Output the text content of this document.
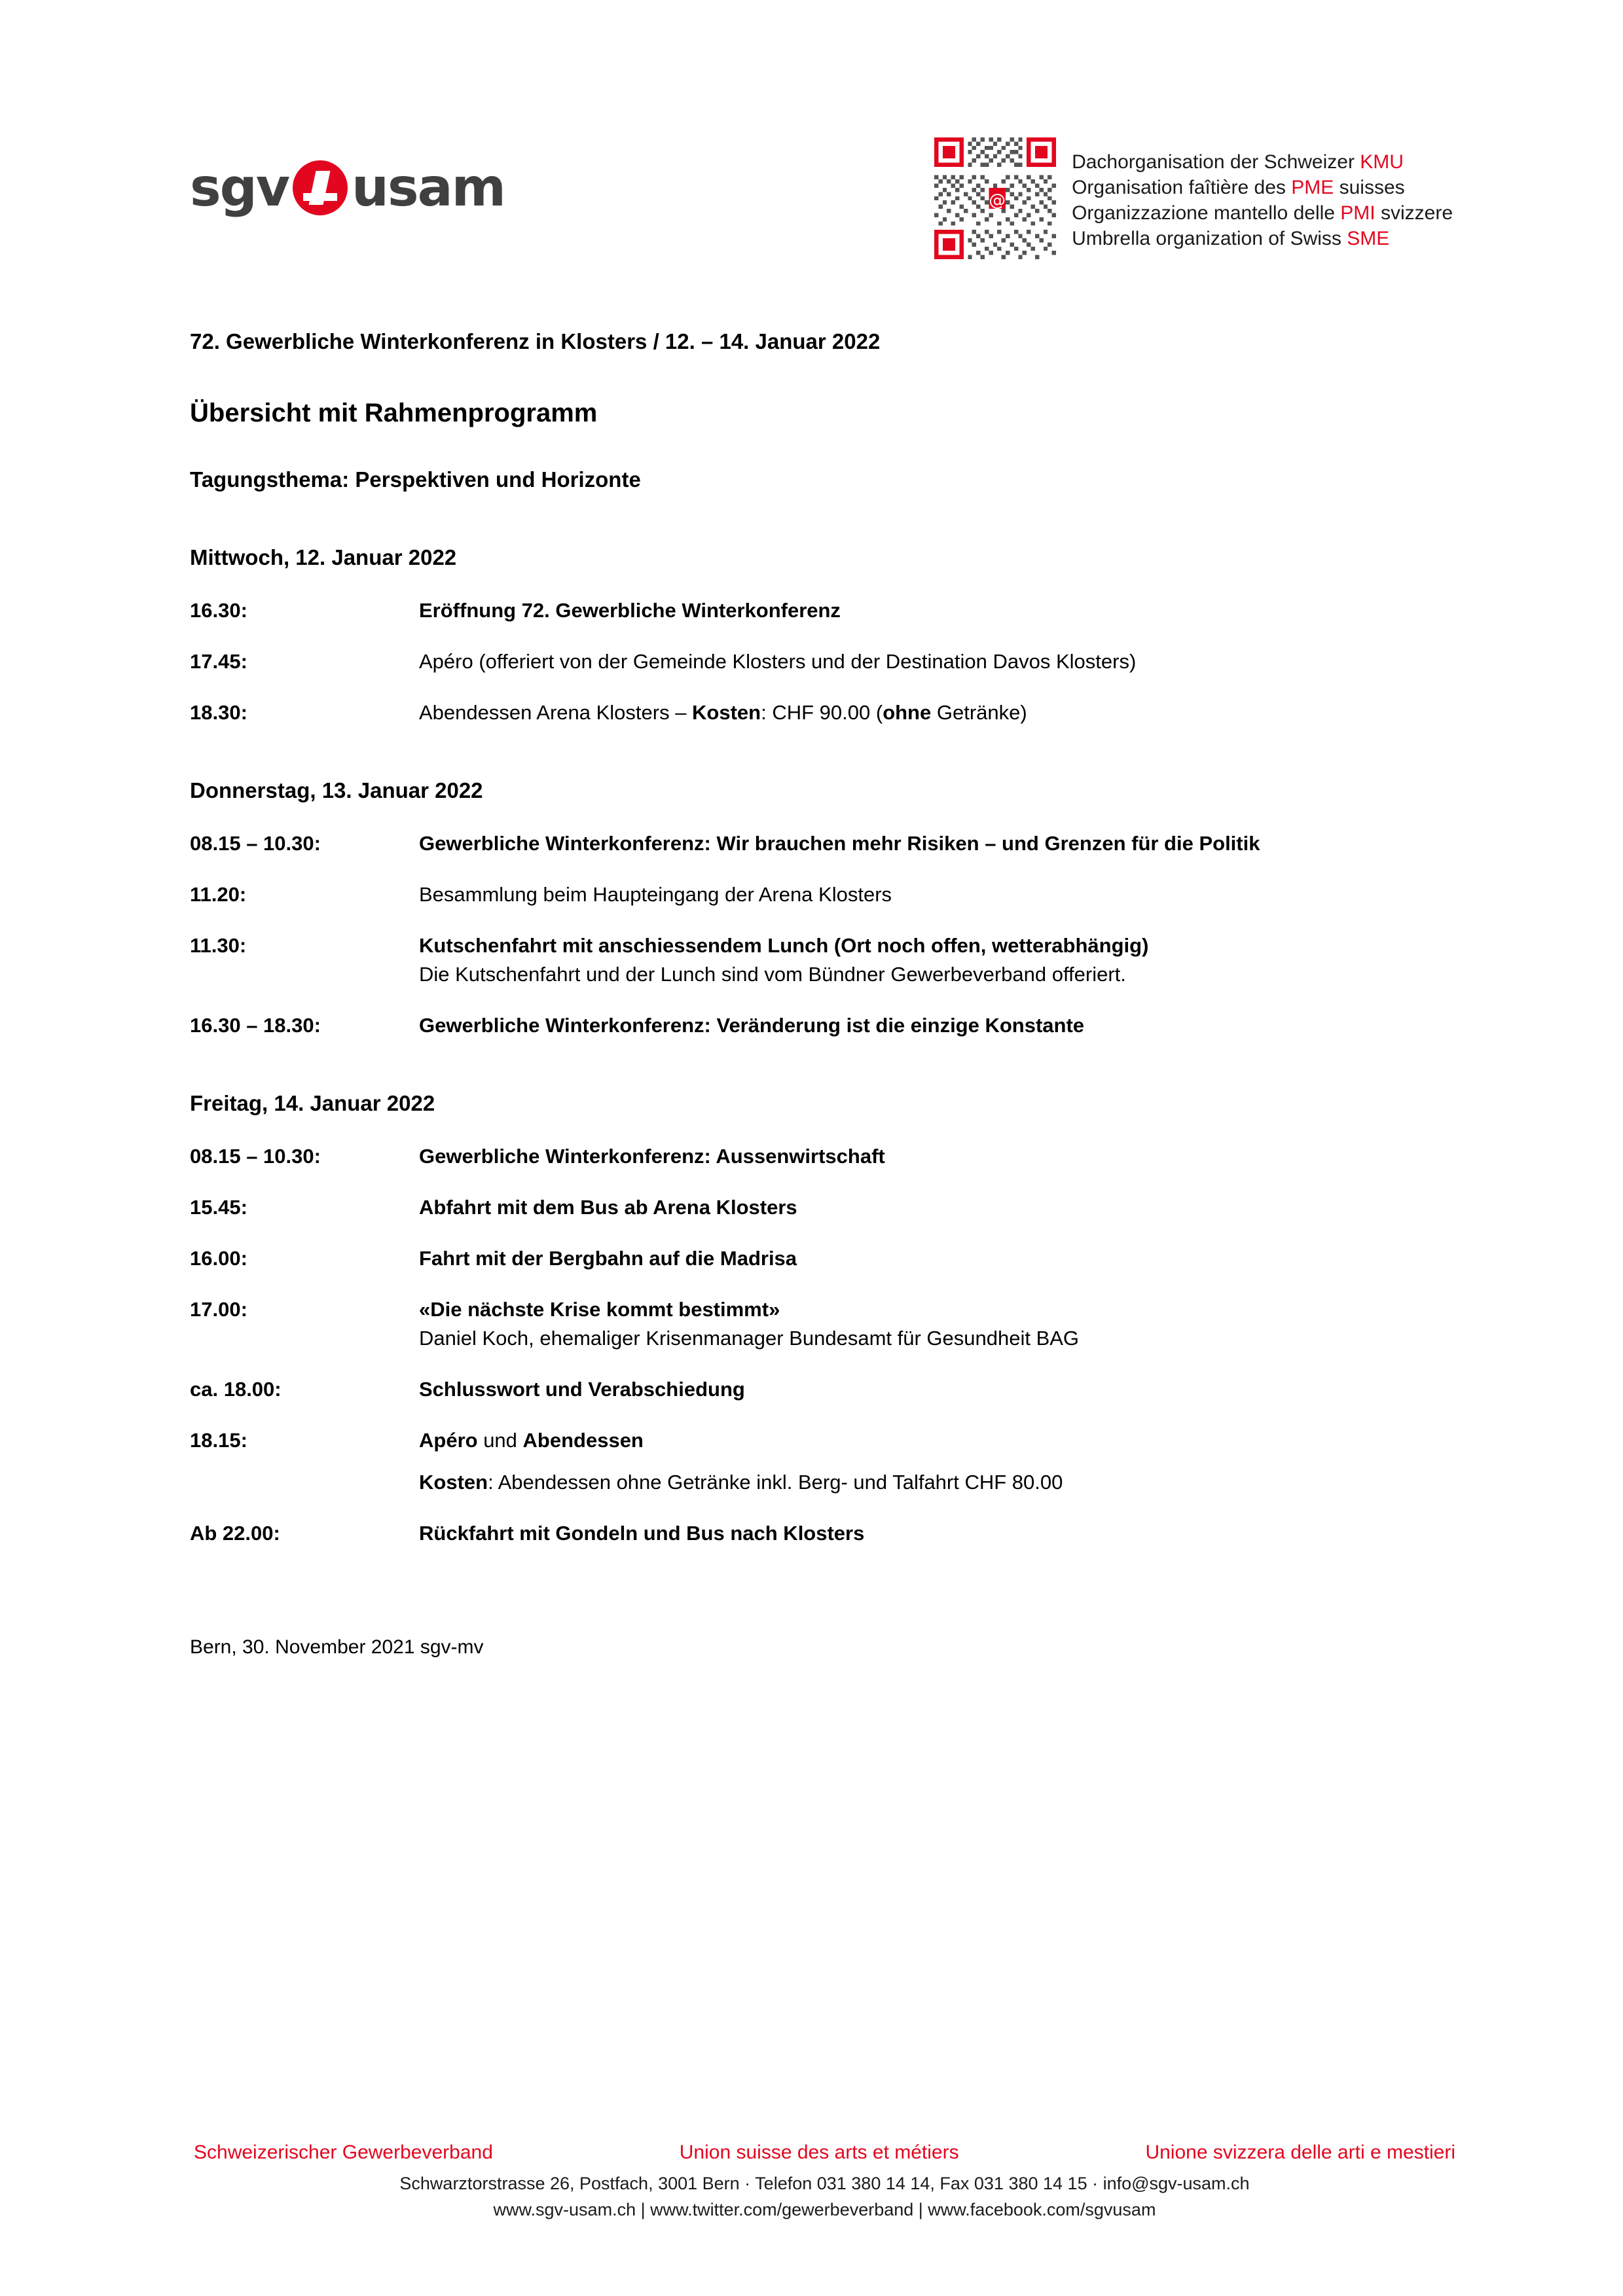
sgv usam	@
Dachorganisation der Schweizer KMU
Organisation faîtière des PME suisses
Organizzazione mantello delle PMI svizzere
Umbrella organization of Swiss SME
72. Gewerbliche Winterkonferenz in Klosters / 12. – 14. Januar 2022
Übersicht mit Rahmenprogramm
Tagungsthema: Perspektiven und Horizonte
Mittwoch, 12. Januar 2022
16.30:	Eröffnung 72. Gewerbliche Winterkonferenz
17.45:	Apéro (offeriert von der Gemeinde Klosters und der Destination Davos Klosters)
18.30:	Abendessen Arena Klosters – Kosten: CHF 90.00 (ohne Getränke)
Donnerstag, 13. Januar 2022
08.15 – 10.30:	Gewerbliche Winterkonferenz: Wir brauchen mehr Risiken – und Grenzen für die Politik
11.20:	Besammlung beim Haupteingang der Arena Klosters
11.30:	Kutschenfahrt mit anschiessendem Lunch (Ort noch offen, wetterabhängig)
Die Kutschenfahrt und der Lunch sind vom Bündner Gewerbeverband offeriert.
16.30 – 18.30:	Gewerbliche Winterkonferenz: Veränderung ist die einzige Konstante
Freitag, 14. Januar 2022
08.15 – 10.30:	Gewerbliche Winterkonferenz: Aussenwirtschaft
15.45:	Abfahrt mit dem Bus ab Arena Klosters
16.00:	Fahrt mit der Bergbahn auf die Madrisa
17.00:	«Die nächste Krise kommt bestimmt»
Daniel Koch, ehemaliger Krisenmanager Bundesamt für Gesundheit BAG
ca. 18.00:	Schlusswort und Verabschiedung
18.15:	Apéro und Abendessen
Kosten: Abendessen ohne Getränke inkl. Berg- und Talfahrt CHF 80.00
Ab 22.00:	Rückfahrt mit Gondeln und Bus nach Klosters
Bern, 30. November 2021 sgv-mv
Schweizerischer Gewerbeverband	Union suisse des arts et métiers	Unione svizzera delle arti e mestieri
Schwarztorstrasse 26, Postfach, 3001 Bern · Telefon 031 380 14 14, Fax 031 380 14 15 · info@sgv-usam.ch
www.sgv-usam.ch | www.twitter.com/gewerbeverband | www.facebook.com/sgvusam
